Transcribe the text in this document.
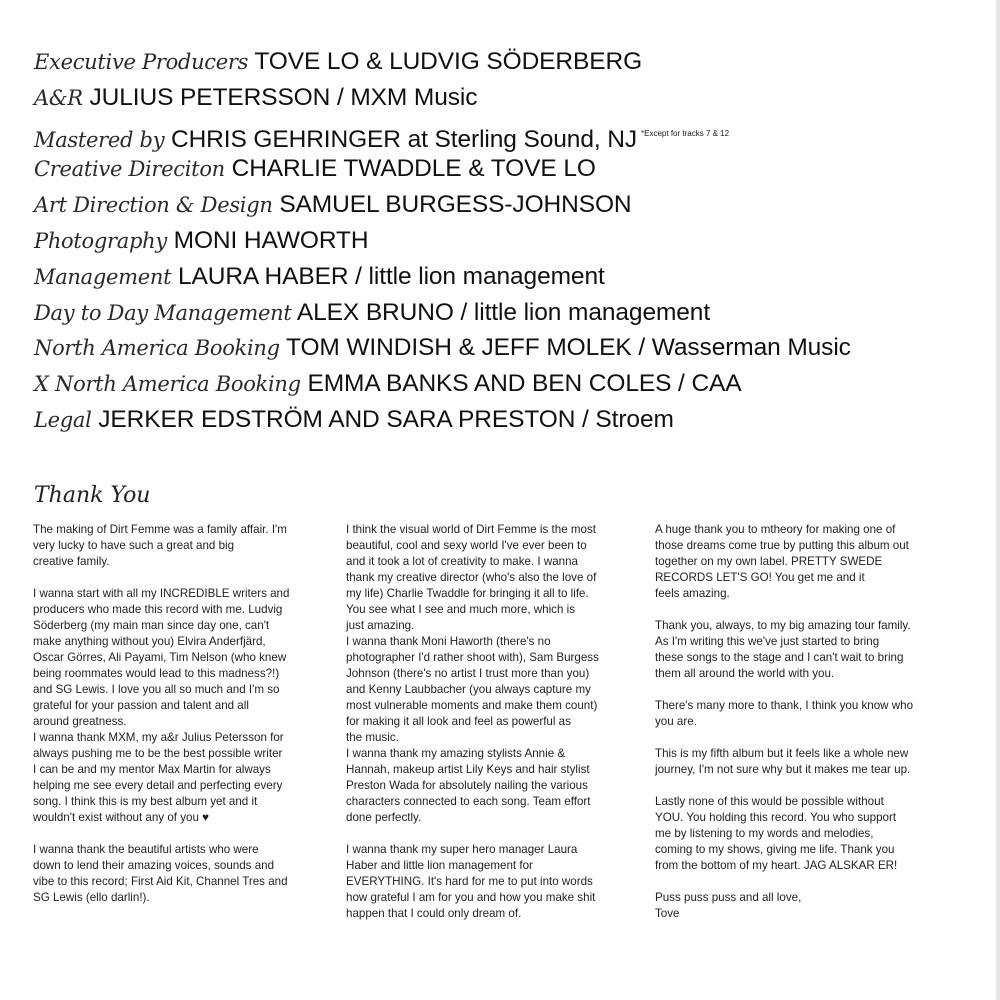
Executive Producers TOVE LO & LUDVIG SÖDERBERG
A&R JULIUS PETERSSON / MXM Music
Mastered by CHRIS GEHRINGER at Sterling Sound, NJ $^{*Except for tracks 7 \& 12}$
Creative Direciton CHARLIE TWADDLE & TOVE LO
Art Direction & Design SAMUEL BURGESS-JOHNSON
Photography MONI HAWORTH
Management LAURA HABER / little lion management
Day to Day Management ALEX BRUNO / little lion management
North America Booking TOM WINDISH & JEFF MOLEK / Wasserman Music
X North America Booking EMMA BANKS AND BEN COLES / CAA
Legal JERKER EDSTRÖM AND SARA PRESTON / Stroem
Thank You

The making of Dirt Femme was a family affair. I'm
very lucky to have such a great and big
creative family.

I wanna start with all my INCREDIBLE writers and
producers who made this record with me. Ludvig
Söderberg (my main man since day one, can't
make anything without you) Elvira Anderfjärd,
Oscar Görres, Ali Payami, Tim Nelson (who knew
being roommates would lead to this madness?!)
and SG Lewis. I love you all so much and I'm so
grateful for your passion and talent and all
around greatness.

I wanna thank MXM, my a&r Julius Petersson for
always pushing me to be the best possible writer
I can be and my mentor Max Martin for always
helping me see every detail and perfecting every
song. I think this is my best album yet and it
wouldn't exist without any of you ♥

I wanna thank the beautiful artists who were
down to lend their amazing voices, sounds and
vibe to this record; First Aid Kit, Channel Tres and
SG Lewis (ello darlin!).

I think the visual world of Dirt Femme is the most
beautiful, cool and sexy world I've ever been to
and it took a lot of creativity to make. I wanna
thank my creative director (who's also the love of
my life) Charlie Twaddle for bringing it all to life.
You see what I see and much more, which is
just amazing.

I wanna thank Moni Haworth (there's no
photographer I'd rather shoot with), Sam Burgess
Johnson (there's no artist I trust more than you)
and Kenny Laubbacher (you always capture my
most vulnerable moments and make them count)
for making it all look and feel as powerful as
the music.

I wanna thank my amazing stylists Annie &
Hannah, makeup artist Lily Keys and hair stylist
Preston Wada for absolutely nailing the various
characters connected to each song. Team effort
done perfectly.

I wanna thank my super hero manager Laura
Haber and little lion management for
EVERYTHING. It's hard for me to put into words
how grateful I am for you and how you make shit
happen that I could only dream of.

A huge thank you to mtheory for making one of
those dreams come true by putting this album out
together on my own label. PRETTY SWEDE
RECORDS LET'S GO! You get me and it
feels amazing.

Thank you, always, to my big amazing tour family.
As I'm writing this we've just started to bring
these songs to the stage and I can't wait to bring
them all around the world with you.

There's many more to thank, I think you know who
you are.

This is my fifth album but it feels like a whole new
journey, I'm not sure why but it makes me tear up.

Lastly none of this would be possible without
YOU. You holding this record. You who support
me by listening to my words and melodies,
coming to my shows, giving me life. Thank you
from the bottom of my heart. JAG ALSKAR ER!

Puss puss puss and all love,
Tove
